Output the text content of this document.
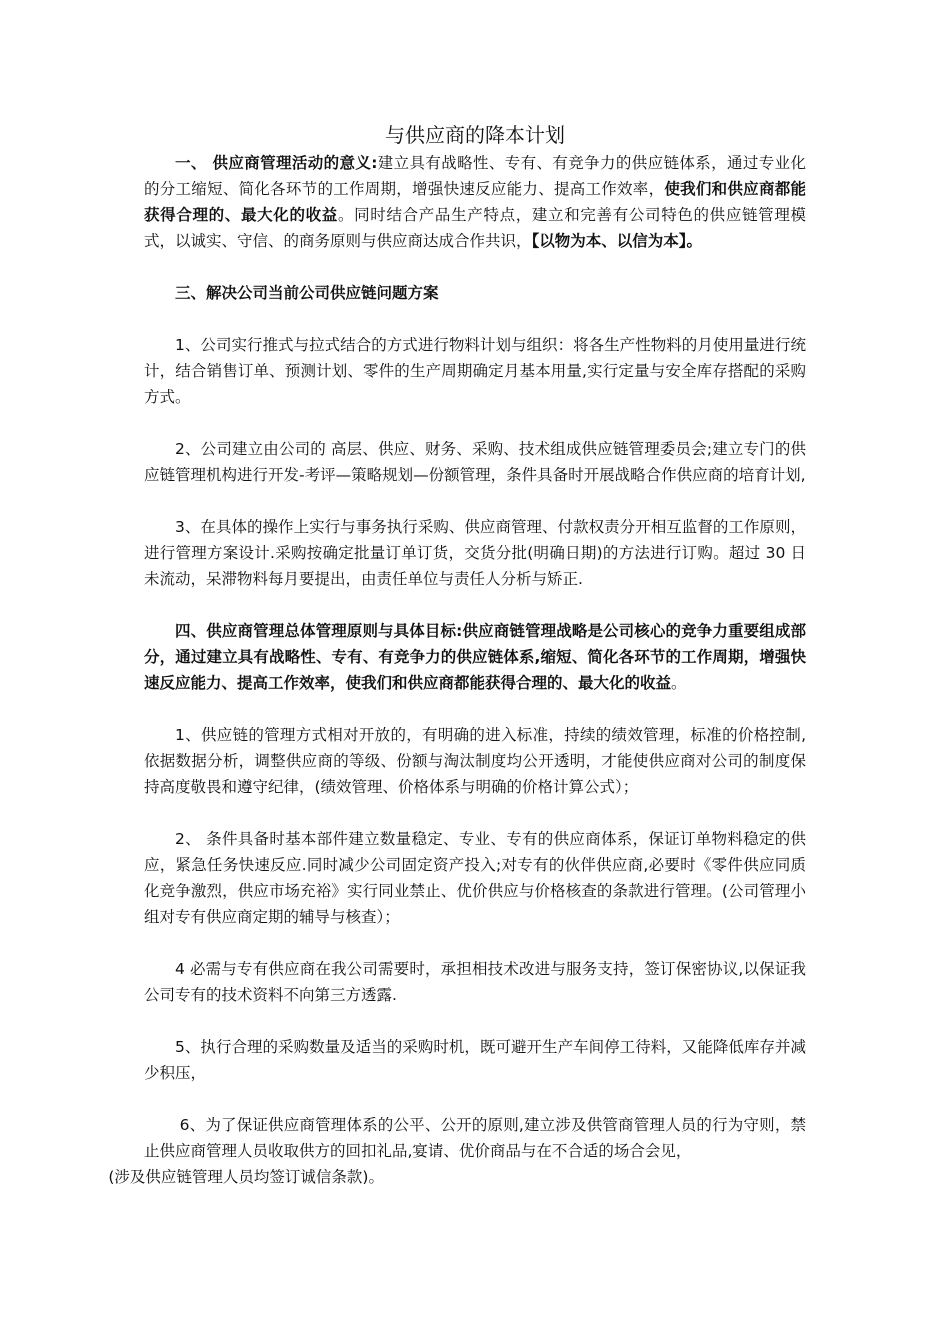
与供应商的降本计划

一、 供应商管理活动的意义:建立具有战略性、专有、有竞争力的供应链体系，通过专业化的分工缩短、简化各环节的工作周期，增强快速反应能力、提高工作效率，使我们和供应商都能获得合理的、最大化的收益。同时结合产品生产特点，建立和完善有公司特色的供应链管理模式，以诚实、守信、的商务原则与供应商达成合作共识，【以物为本、以信为本】。

三、解决公司当前公司供应链问题方案

1、公司实行推式与拉式结合的方式进行物料计划与组织：将各生产性物料的月使用量进行统计，结合销售订单、预测计划、零件的生产周期确定月基本用量,实行定量与安全库存搭配的采购方式。

2、公司建立由公司的 高层、供应、财务、采购、技术组成供应链管理委员会;建立专门的供应链管理机构进行开发-考评—策略规划—份额管理，条件具备时开展战略合作供应商的培育计划,

3、在具体的操作上实行与事务执行采购、供应商管理、付款权责分开相互监督的工作原则，进行管理方案设计.采购按确定批量订单订货，交货分批(明确日期)的方法进行订购。超过 30 日未流动，呆滞物料每月要提出，由责任单位与责任人分析与矫正.

四、供应商管理总体管理原则与具体目标:供应商链管理战略是公司核心的竞争力重要组成部分，通过建立具有战略性、专有、有竞争力的供应链体系,缩短、简化各环节的工作周期，增强快速反应能力、提高工作效率，使我们和供应商都能获得合理的、最大化的收益。

1、供应链的管理方式相对开放的，有明确的进入标准，持续的绩效管理，标准的价格控制,依据数据分析，调整供应商的等级、份额与淘汰制度均公开透明，才能使供应商对公司的制度保持高度敬畏和遵守纪律，(绩效管理、价格体系与明确的价格计算公式）；

2、 条件具备时基本部件建立数量稳定、专业、专有的供应商体系，保证订单物料稳定的供应，紧急任务快速反应.同时减少公司固定资产投入;对专有的伙伴供应商,必要时《零件供应同质化竞争激烈，供应市场充裕》实行同业禁止、优价供应与价格核查的条款进行管理。(公司管理小组对专有供应商定期的辅导与核查）；

4 必需与专有供应商在我公司需要时，承担相技术改进与服务支持，签订保密协议,以保证我公司专有的技术资料不向第三方透露.

5、执行合理的采购数量及适当的采购时机，既可避开生产车间停工待料，又能降低库存并减少积压，

6、为了保证供应商管理体系的公平、公开的原则,建立涉及供管商管理人员的行为守则，禁止供应商管理人员收取供方的回扣礼品,宴请、优价商品与在不合适的场合会见，
(涉及供应链管理人员均签订诚信条款)。
